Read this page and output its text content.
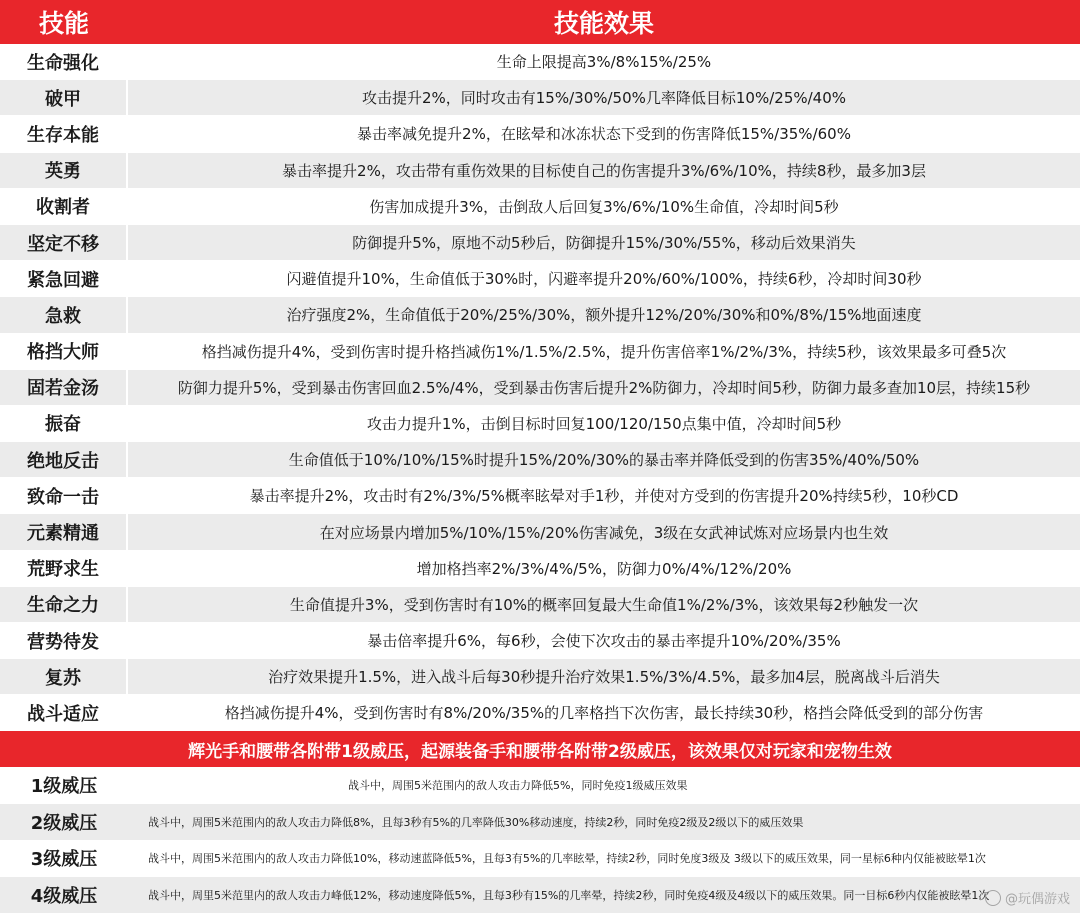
技能	技能效果
生命强化	生命上限提高3%/8%15%/25%
破甲	攻击提升2%，同时攻击有15%/30%/50%几率降低目标10%/25%/40%
生存本能	暴击率减免提升2%，在眩晕和冰冻状态下受到的伤害降低15%/35%/60%
英勇	暴击率提升2%，攻击带有重伤效果的目标使自己的伤害提升3%/6%/10%，持续8秒，最多加3层
收割者	伤害加成提升3%，击倒敌人后回复3%/6%/10%生命值，冷却时间5秒
坚定不移	防御提升5%，原地不动5秒后，防御提升15%/30%/55%，移动后效果消失
紧急回避	闪避值提升10%，生命值低于30%时，闪避率提升20%/60%/100%，持续6秒，冷却时间30秒
急救	治疗强度2%，生命值低于20%/25%/30%，额外提升12%/20%/30%和0%/8%/15%地面速度
格挡大师	格挡减伤提升4%，受到伤害时提升格挡减伤1%/1.5%/2.5%，提升伤害倍率1%/2%/3%，持续5秒，该效果最多可叠5次
固若金汤	防御力提升5%，受到暴击伤害回血2.5%/4%，受到暴击伤害后提升2%防御力，冷却时间5秒，防御力最多查加10层，持续15秒
振奋	攻击力提升1%，击倒目标时回复100/120/150点集中值，冷却时间5秒
绝地反击	生命值低于10%/10%/15%时提升15%/20%/30%的暴击率并降低受到的伤害35%/40%/50%
致命一击	暴击率提升2%，攻击时有2%/3%/5%概率眩晕对手1秒，并使对方受到的伤害提升20%持续5秒，10秒CD
元素精通	在对应场景内增加5%/10%/15%/20%伤害减免，3级在女武神试炼对应场景内也生效
荒野求生	增加格挡率2%/3%/4%/5%，防御力0%/4%/12%/20%
生命之力	生命值提升3%，受到伤害时有10%的概率回复最大生命值1%/2%/3%，该效果每2秒触发一次
营势待发	暴击倍率提升6%，每6秒，会使下次攻击的暴击率提升10%/20%/35%
复苏	治疗效果提升1.5%，进入战斗后每30秒提升治疗效果1.5%/3%/4.5%，最多加4层，脱离战斗后消失
战斗适应	格挡减伤提升4%，受到伤害时有8%/20%/35%的几率格挡下次伤害，最长持续30秒，格挡会降低受到的部分伤害
辉光手和腰带各附带1级威压，起源装备手和腰带各附带2级威压，该效果仅对玩家和宠物生效
1级威压	战斗中，周围5米范围内的敌人攻击力降低5%，同时免疫1级威压效果
2级威压	战斗中，周围5米范围内的敌人攻击力降低8%，且每3秒有5%的几率降低30%移动速度，持续2秒，同时免疫2级及2级以下的威压效果
3级威压	战斗中，周围5米范围内的敌人攻击力降低10%，移动速蓝降低5%，且每3有5%的几率眩晕，持续2秒，同时免度3级及 3级以下的威压效果，同一星标6种内仅能被眩晕1次
4级威压	战斗中，周里5米范里内的敌人攻击力峰低12%，移动速度降低5%，且每3秒有15%的几率晕，持续2秒，同时免疫4级及4级以下的威压效果。同一目标6秒内仅能被眩晕1次	@玩偶游戏
